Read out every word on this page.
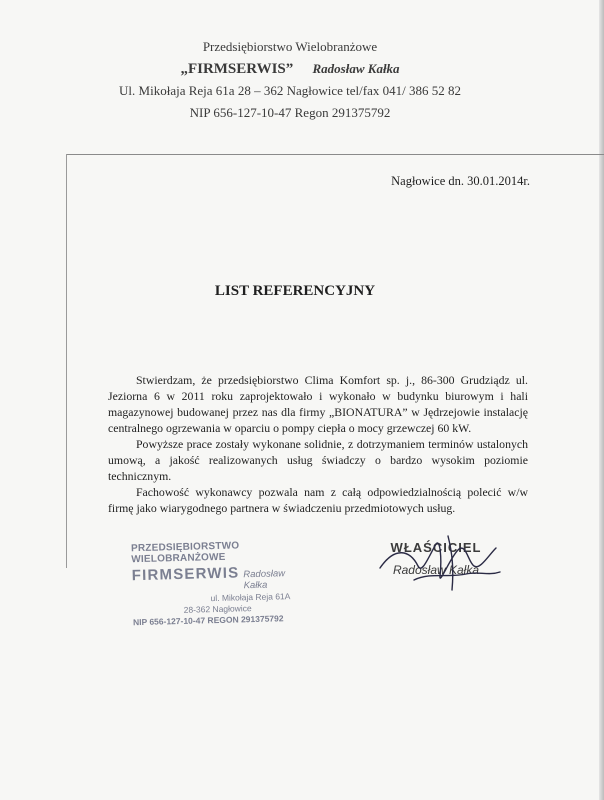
Przedsiębiorstwo Wielobranżowe
„FIRMSERWIS” Radosław Kałka
Ul. Mikołaja Reja 61a 28 – 362 Nagłowice tel/fax 041/ 386 52 82
NIP 656-127-10-47 Regon 291375792
Nagłowice dn. 30.01.2014r.
LIST REFERENCYJNY

Stwierdzam, że przedsiębiorstwo Clima Komfort sp. j., 86-300 Grudziądz ul. Jeziorna 6 w 2011 roku zaprojektowało i wykonało w budynku biurowym i hali magazynowej budowanej przez nas dla firmy „BIONATURA” w Jędrzejowie instalację centralnego ogrzewania w oparciu o pompy ciepła o mocy grzewczej 60 kW.

Powyższe prace zostały wykonane solidnie, z dotrzymaniem terminów ustalonych umową, a jakość realizowanych usług świadczy o bardzo wysokim poziomie technicznym.

Fachowość wykonawcy pozwala nam z całą odpowiedzialnością polecić w/w firmę jako wiarygodnego partnera w świadczeniu przedmiotowych usług.

PRZEDSIĘBIORSTWO WIELOBRANŻOWE
FIRMSERWIS Radosław Kałka
ul. Mikołaja Reja 61A
28-362 Nagłowice
NIP 656-127-10-47 REGON 291375792
WŁAŚCICIEL
Radosław Kałka
